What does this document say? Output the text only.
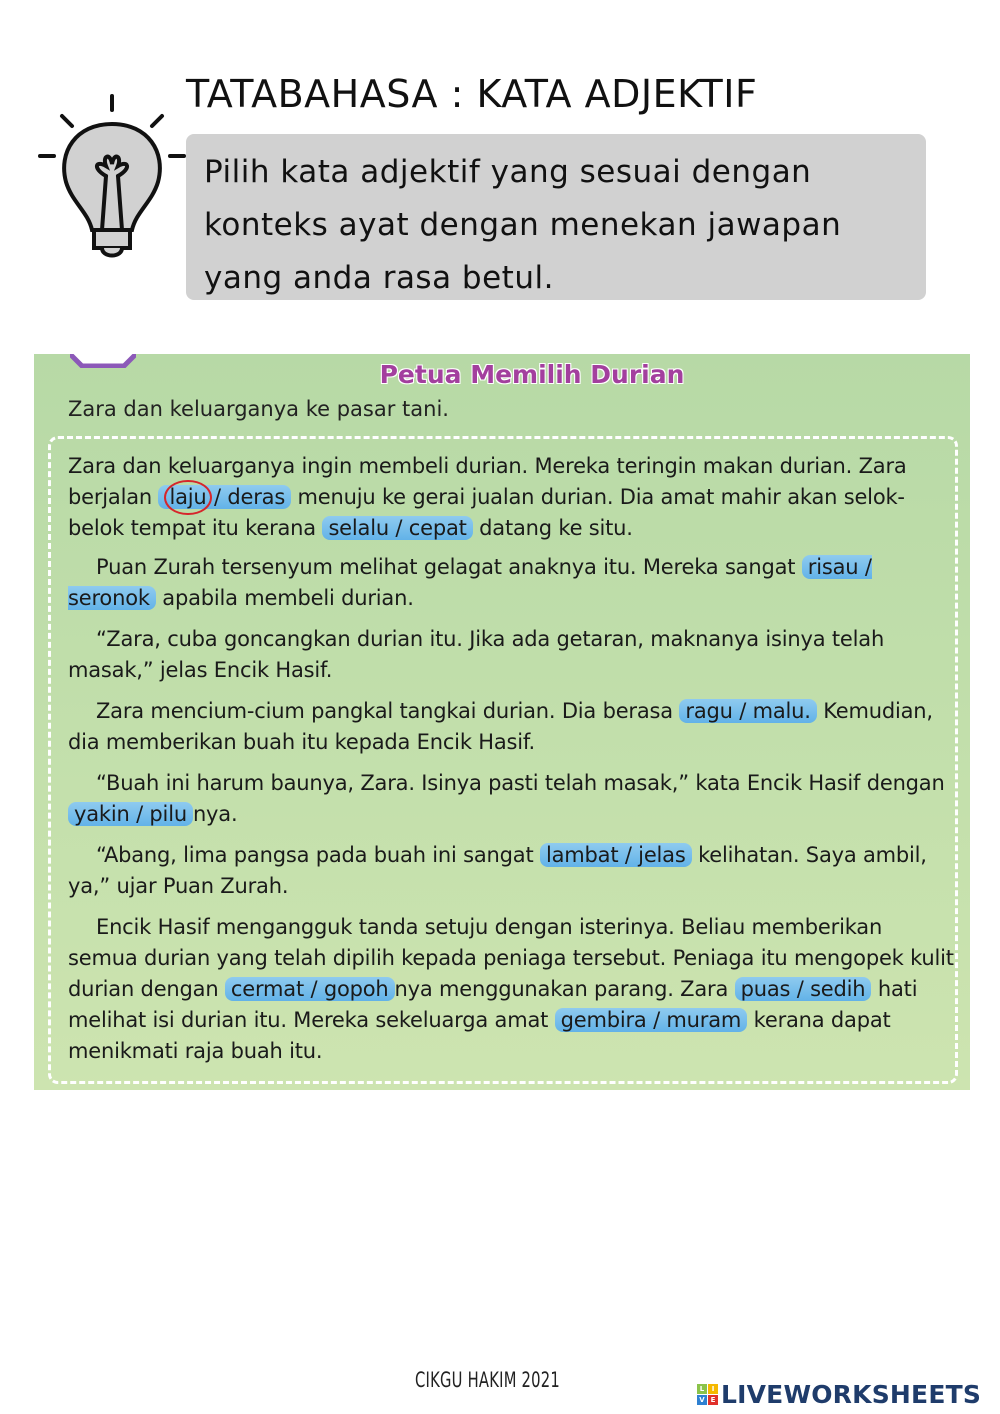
TATABAHASA : KATA ADJEKTIF
Pilih kata adjektif yang sesuai dengan
konteks ayat dengan menekan jawapan
yang anda rasa betul.
Petua Memilih Durian
Zara dan keluarganya ke pasar tani.
Zara dan keluarganya ingin membeli durian. Mereka teringin makan durian. Zara berjalan laju / deras menuju ke gerai jualan durian. Dia amat mahir akan selok-belok tempat itu kerana selalu / cepat datang ke situ.
Puan Zurah tersenyum melihat gelagat anaknya itu. Mereka sangat risau / seronok apabila membeli durian.
“Zara, cuba goncangkan durian itu. Jika ada getaran, maknanya isinya telah masak,” jelas Encik Hasif.
Zara mencium-cium pangkal tangkai durian. Dia berasa ragu / malu. Kemudian, dia memberikan buah itu kepada Encik Hasif.
“Buah ini harum baunya, Zara. Isinya pasti telah masak,” kata Encik Hasif dengan yakin / pilu nya.
“Abang, lima pangsa pada buah ini sangat lambat / jelas kelihatan. Saya ambil, ya,” ujar Puan Zurah.
Encik Hasif mengangguk tanda setuju dengan isterinya. Beliau memberikan semua durian yang telah dipilih kepada peniaga tersebut. Peniaga itu mengopek kulit durian dengan cermat / gopoh nya menggunakan parang. Zara puas / sedih hati melihat isi durian itu. Mereka sekeluarga amat gembira / muram kerana dapat menikmati raja buah itu.
CIKGU HAKIM 2021	L	I
V E LIVEWORKSHEETS
